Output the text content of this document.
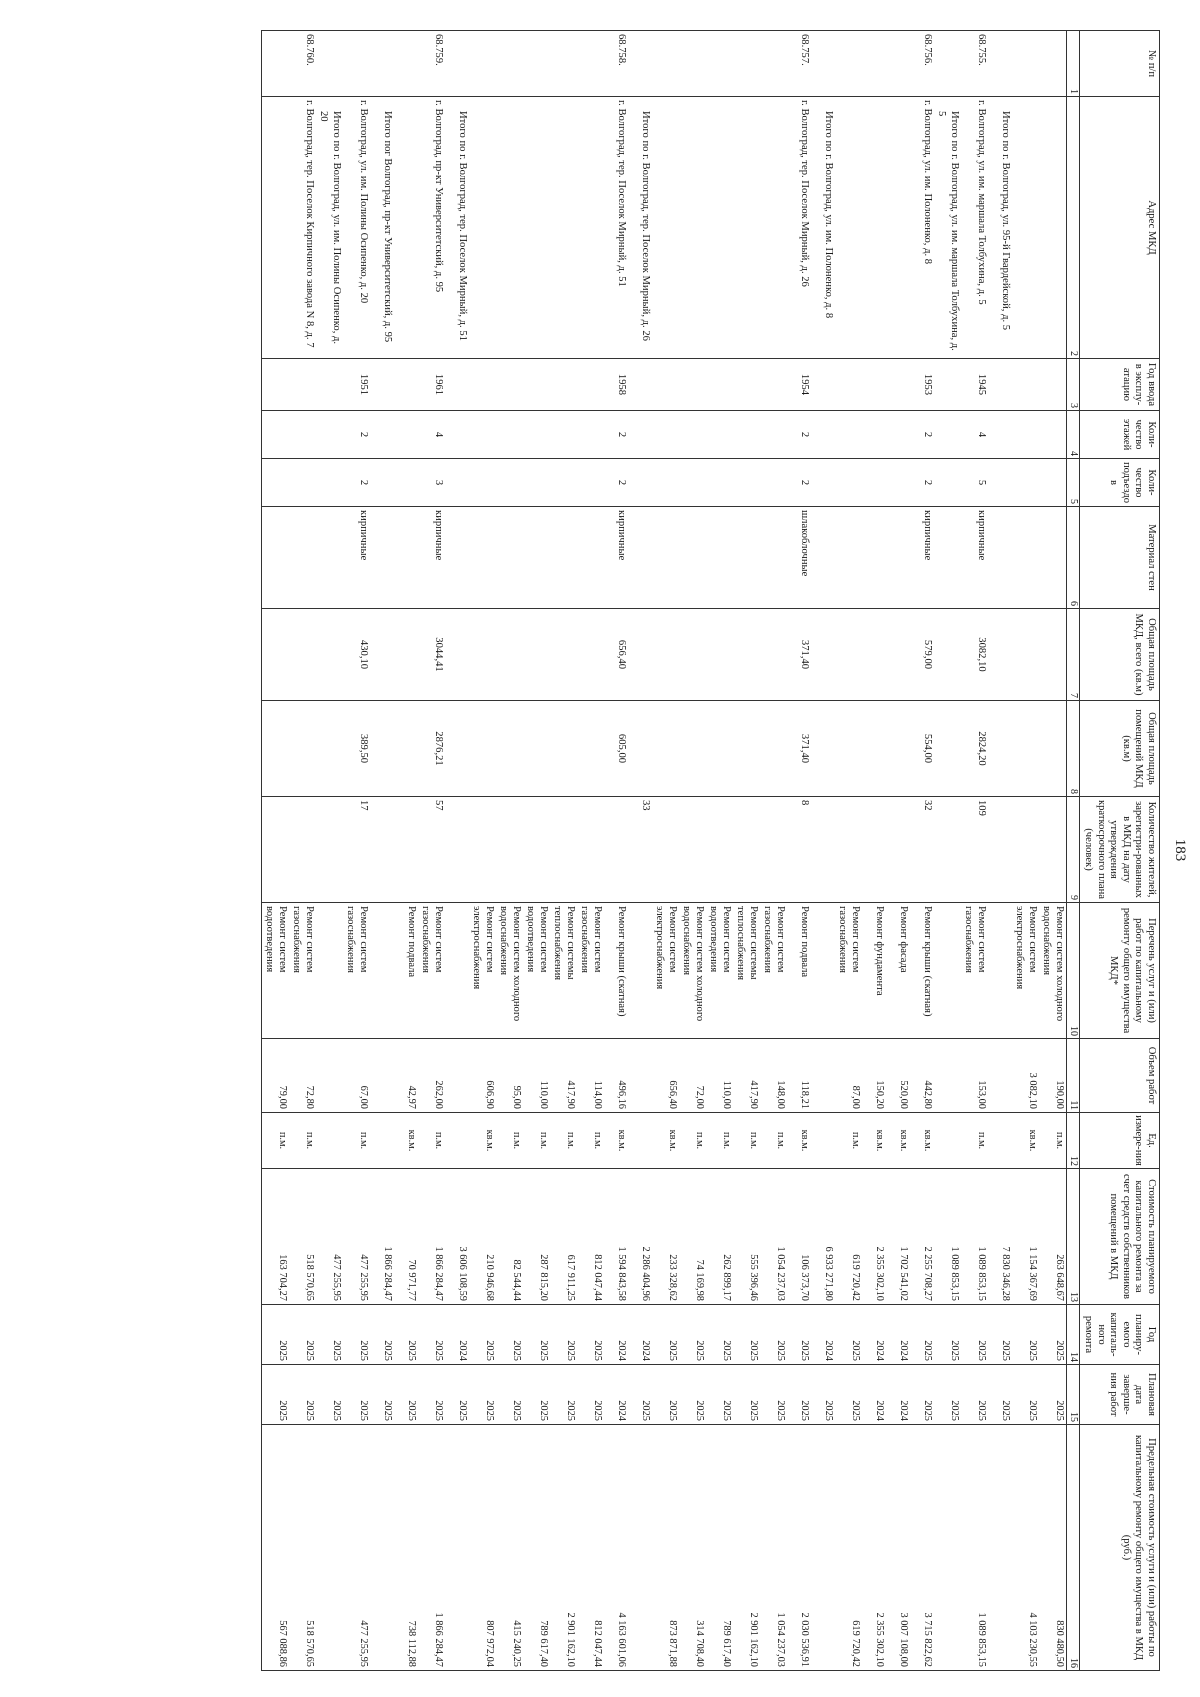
183
№ п/п	Адрес МКД	Год ввода в эксплу-атацию	Коли-чество этажей	Коли-чество подъездо в	Материал стен	Общая площадь МКД, всего (кв.м)	Общая площадь помещений МКД (кв.м)	Количество жителей, зарегистри-рованных в МКД на дату утверждения краткосрочного плана (человек)	Перечень услуг и (или) работ по капитальному ремонту общего имущества МКД*	Объем работ	Ед. измере-ния	Стоимость планируемого капитального ремонта за счет средств собственников помещений в МКД	Год планиру-емого капиталь-ного ремонта	Плановая дата заверше-ния работ	Предельная стоимость услуги и (или) работы по капитальному ремонту общего имущества в МКД (руб.)
1	2	3	4	5	6	7	8	9	10	11	12	13	14	15	16
									Ремонт систем холодного водоснабжения	190,00	п.м.	263 648,67	2025	2025	830 480,50
									Ремонт систем электроснабжения	3 082,10	кв.м.	1 154 367,69	2025	2025	4 103 230,55
	Итого по г. Волгоград, ул. 95-й Гвардейской, д. 5											7 830 346,28	2025	2025	
68.755.	г. Волгоград, ул. им. маршала Толбухина, д. 5	1945	4	5	кирпичные	3082,10	2824,20	109	Ремонт систем газоснабжения	153,00	п.м.	1 089 853,15	2025	2025	1 089 853,15
	Итого по г. Волгоград, ул. им. маршала Толбухина, д. 5											1 089 853,15	2025	2025	
68.756.	г. Волгоград, ул. им. Полоненко, д. 8	1953	2	2	кирпичные	579,00	554,00	32	Ремонт крыши (скатная)	442,80	кв.м.	2 255 708,27	2025	2025	3 715 822,62
									Ремонт фасада	520,00	кв.м.	1 702 541,02	2024	2024	3 007 108,00
									Ремонт фундамента	150,20	кв.м.	2 355 302,10	2024	2024	2 355 302,10
									Ремонт систем газоснабжения	87,00	п.м.	619 720,42	2025	2025	619 720,42
	Итого по г. Волгоград, ул. им. Полоненко, д. 8											6 933 271,80	2024	2025	
68.757.	г. Волгоград, тер. Поселок Мирный, д. 26	1954	2	2	шлакоблочные	371,40	371,40	8	Ремонт подвала	118,21	кв.м.	106 373,70	2025	2025	2 030 536,91
									Ремонт систем газоснабжения	148,00	п.м.	1 054 237,03	2025	2025	1 054 237,03
									Ремонт системы теплоснабжения	417,90	п.м.	555 396,46	2025	2025	2 901 162,10
									Ремонт систем водоотведения	110,00	п.м.	262 899,17	2025	2025	789 617,40
									Ремонт систем холодного водоснабжения	72,00	п.м.	74 169,98	2025	2025	314 708,40
									Ремонт систем электроснабжения	656,40	кв.м.	233 328,62	2025	2025	873 871,88
	Итого по г. Волгоград, тер. Поселок Мирный, д. 26							33				2 286 404,96	2024	2025	
68.758.	г. Волгоград, тер. Поселок Мирный, д. 51	1958	2	2	кирпичные	656,40	605,00		Ремонт крыши (скатная)	496,16	кв.м.	1 594 843,58	2024	2024	4 163 601,06
									Ремонт систем газоснабжения	114,00	п.м.	812 047,44	2025	2025	812 047,44
									Ремонт системы теплоснабжения	417,90	п.м.	617 911,25	2025	2025	2 901 162,10
									Ремонт систем водоотведения	110,00	п.м.	287 815,20	2025	2025	789 617,40
									Ремонт систем холодного водоснабжения	95,00	п.м.	82 544,44	2025	2025	415 240,25
									Ремонт систем электроснабжения	606,90	кв.м.	210 946,68	2025	2025	807 972,04
	Итого по г. Волгоград, тер. Поселок Мирный, д. 51											3 606 108,59	2024	2025	
68.759.	г. Волгоград, пр-кт Университетский, д. 95	1961	4	3	кирпичные	3044,41	2876,21	57	Ремонт систем газоснабжения	262,00	п.м.	1 866 284,47	2025	2025	1 866 284,47
									Ремонт подвала	42,97	кв.м.	70 971,77	2025	2025	738 112,88
	Итого пог Волгоград, пр-кт Университетский, д. 95											1 866 284,47	2025	2025	
	г. Волгоград, ул. им. Полины Осипенко, д. 20	1951	2	2	кирпичные	430,10	389,50	17	Ремонт систем газоснабжения	67,00	п.м.	477 255,95	2025	2025	477 255,95
	Итого по г. Волгоград, ул. им. Полины Осипенко, д. 20											477 255,95	2025	2025	
68.760.	г. Волгоград, тер. Поселок Кирпичного завода N 8, д. 7								Ремонт систем газоснабжения	72,80	п.м.	518 570,65	2025	2025	518 570,65
									Ремонт систем водоотведения	79,00	п.м.	163 704,27	2025	2025	567 088,86
